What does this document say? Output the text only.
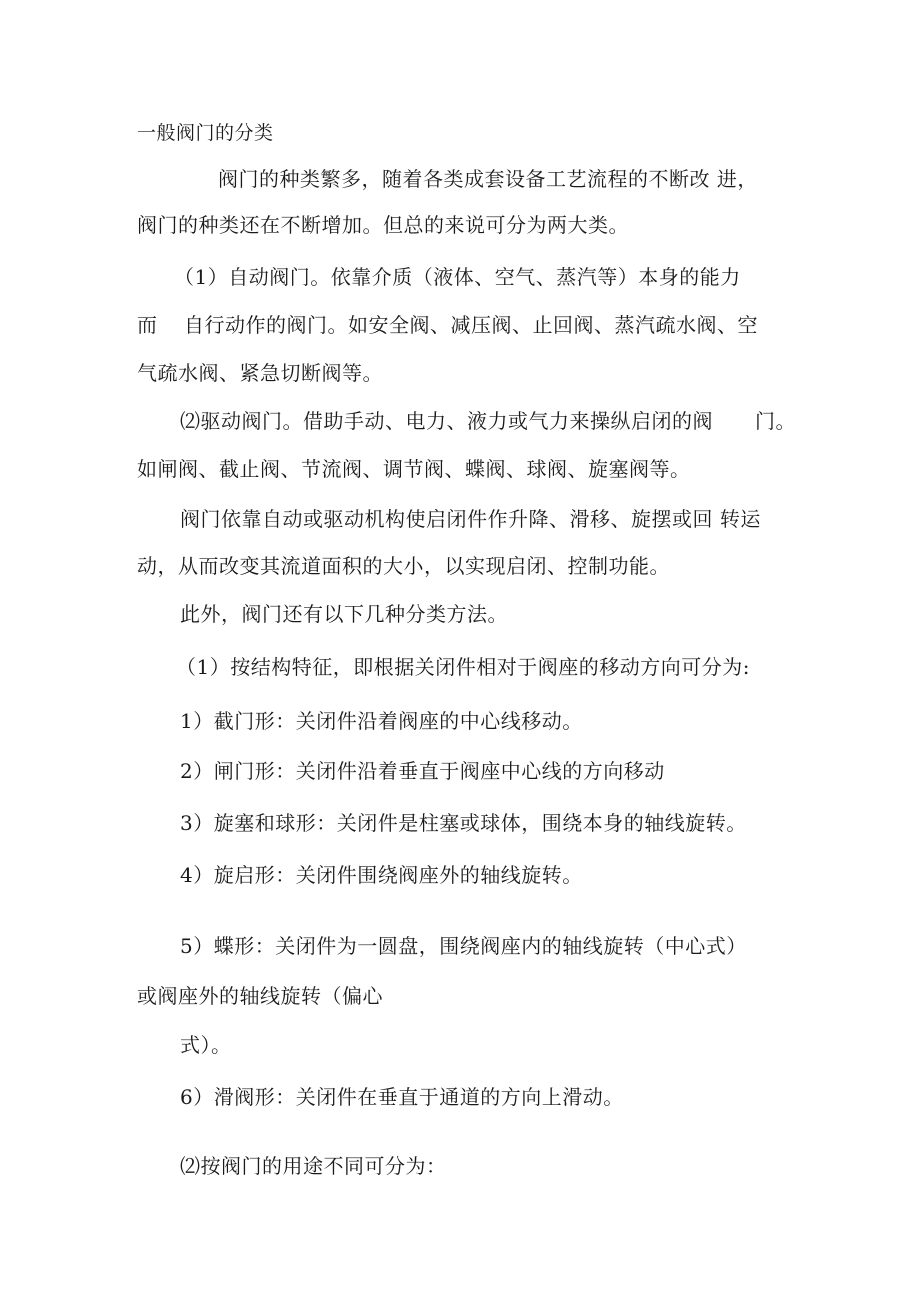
一般阀门的分类
阀门的种类繁多，随着各类成套设备工艺流程的不断改 进，
阀门的种类还在不断增加。但总的来说可分为两大类。
（1）自动阀门。依靠介质（液体、空气、蒸汽等）本身的能力
而 自行动作的阀门。如安全阀、减压阀、止回阀、蒸汽疏水阀、空
气疏水阀、紧急切断阀等。
⑵驱动阀门。借助手动、电力、液力或气力来操纵启闭的阀 门。
如闸阀、截止阀、节流阀、调节阀、蝶阀、球阀、旋塞阀等。
阀门依靠自动或驱动机构使启闭件作升降、滑移、旋摆或回 转运
动，从而改变其流道面积的大小，以实现启闭、控制功能。
此外，阀门还有以下几种分类方法。
（1）按结构特征，即根据关闭件相对于阀座的移动方向可分为:
1）截门形：关闭件沿着阀座的中心线移动。
2）闸门形：关闭件沿着垂直于阀座中心线的方向移动
3）旋塞和球形：关闭件是柱塞或球体，围绕本身的轴线旋转。
4）旋启形：关闭件围绕阀座外的轴线旋转。
5）蝶形：关闭件为一圆盘，围绕阀座内的轴线旋转（中心式）
或阀座外的轴线旋转（偏心
式）。
6）滑阀形：关闭件在垂直于通道的方向上滑动。
⑵按阀门的用途不同可分为：
